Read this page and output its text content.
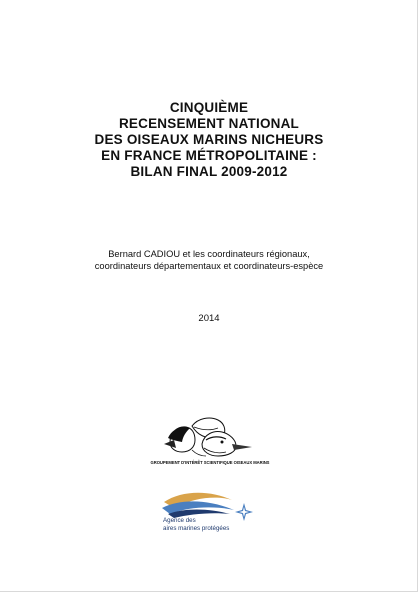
CINQUIÈME
RECENSEMENT NATIONAL
DES OISEAUX MARINS NICHEURS
EN FRANCE MÉTROPOLITAINE :
BILAN FINAL 2009-2012
Bernard CADIOU et les coordinateurs régionaux,
coordinateurs départementaux et coordinateurs-espèce
2014
GROUPEMENT D'INTÉRÊT SCIENTIFIQUE OISEAUX MARINS
Agence des
aires marines protégées
